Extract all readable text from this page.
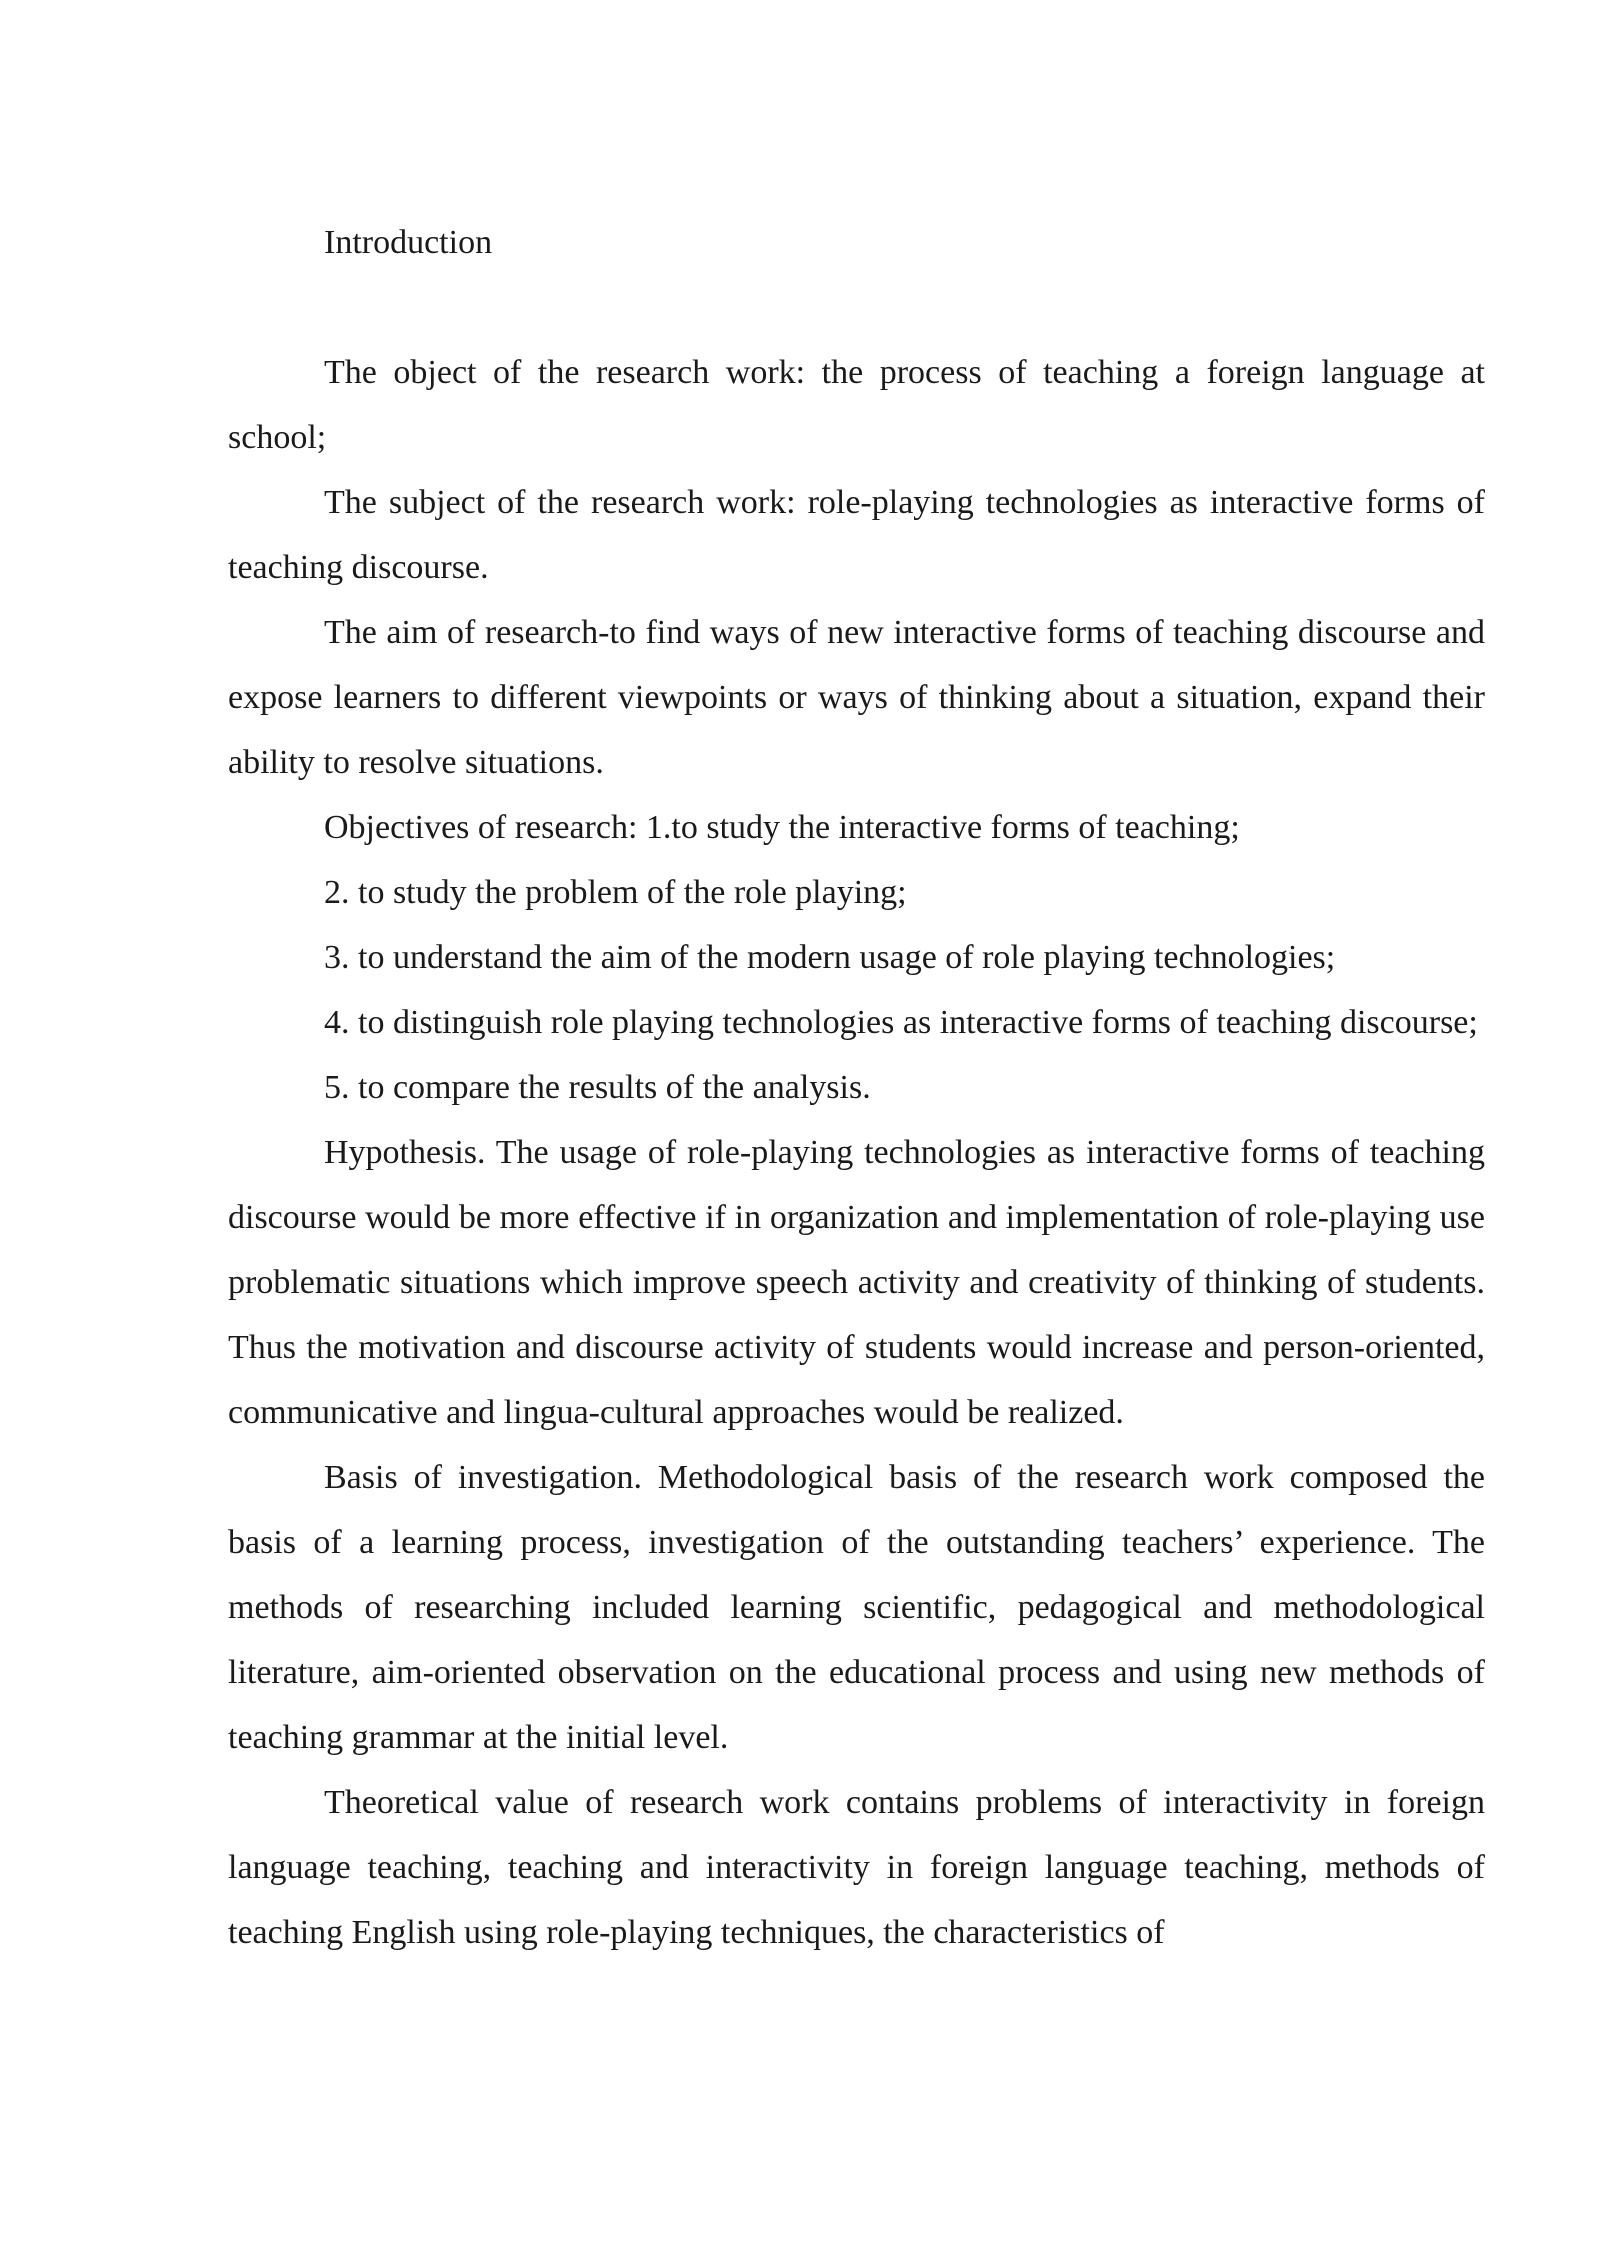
Introduction

The object of the research work: the process of teaching a foreign language at school;

The subject of the research work: role-playing technologies as interactive forms of teaching discourse.

The aim of research-to find ways of new interactive forms of teaching discourse and expose learners to different viewpoints or ways of thinking about a situation, expand their ability to resolve situations.

Objectives of research: 1.to study the interactive forms of teaching;

2. to study the problem of the role playing;

3. to understand the aim of the modern usage of role playing technologies;

4. to distinguish role playing technologies as interactive forms of teaching discourse;

5. to compare the results of the analysis.

Hypothesis. The usage of role-playing technologies as interactive forms of teaching discourse would be more effective if in organization and implementation of role-playing use problematic situations which improve speech activity and creativity of thinking of students. Thus the motivation and discourse activity of students would increase and person-oriented, communicative and lingua-cultural approaches would be realized.

Basis of investigation. Methodological basis of the research work composed the basis of a learning process, investigation of the outstanding teachers’ experience. The methods of researching included learning scientific, pedagogical and methodological literature, aim-oriented observation on the educational process and using new methods of teaching grammar at the initial level.

Theoretical value of research work contains problems of interactivity in foreign language teaching, teaching and interactivity in foreign language teaching, methods of teaching English using role-playing techniques, the characteristics of
